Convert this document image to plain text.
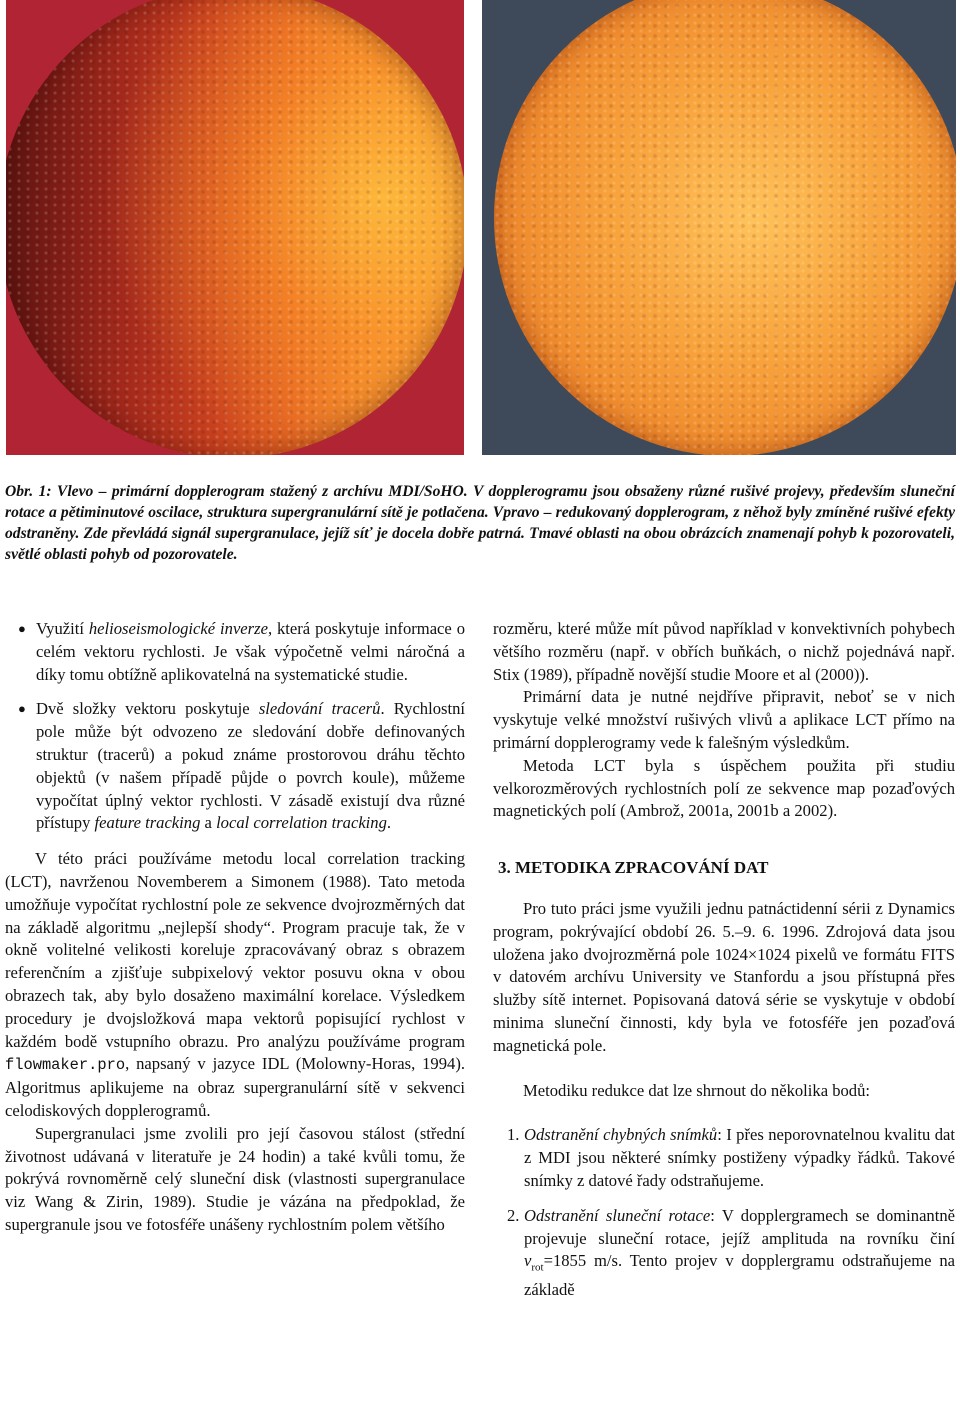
Obr. 1: Vlevo – primární dopplerogram stažený z archívu MDI/SoHO. V dopplerogramu jsou obsaženy různé rušivé projevy, především sluneční rotace a pětiminutové oscilace, struktura supergranulární sítě je potlačena. Vpravo – redukovaný dopplerogram, z něhož byly zmíněné rušivé efekty odstraněny. Zde převládá signál supergranulace, jejíž síť je docela dobře patrná. Tmavé oblasti na obou obrázcích znamenají pohyb k pozorovateli, světlé oblasti pohyb od pozorovatele.

● Využití helioseismologické inverze, která poskytuje informace o celém vektoru rychlosti. Je však výpočetně velmi náročná a díky tomu obtížně aplikovatelná na systematické studie.

● Dvě složky vektoru poskytuje sledování tracerů. Rychlostní pole může být odvozeno ze sledování dobře definovaných struktur (tracerů) a pokud známe prostorovou dráhu těchto objektů (v našem případě půjde o povrch koule), můžeme vypočítat úplný vektor rychlosti. V zásadě existují dva různé přístupy feature tracking a local correlation tracking.

V této práci používáme metodu local correlation tracking (LCT), navrženou Novemberem a Simonem (1988). Tato metoda umožňuje vypočítat rychlostní pole ze sekvence dvojrozměrných dat na základě algoritmu „nejlepší shody“. Program pracuje tak, že v okně volitelné velikosti koreluje zpracovávaný obraz s obrazem referenčním a zjišťuje subpixelový vektor posuvu okna v obou obrazech tak, aby bylo dosaženo maximální korelace. Výsledkem procedury je dvojsložková mapa vektorů popisující rychlost v každém bodě vstupního obrazu. Pro analýzu používáme program flowmaker.pro, napsaný v jazyce IDL (Molowny-Horas, 1994). Algoritmus aplikujeme na obraz supergranulární sítě v sekvenci celodiskových dopplerogramů.

Supergranulaci jsme zvolili pro její časovou stálost (střední životnost udávaná v literatuře je 24 hodin) a také kvůli tomu, že pokrývá rovnoměrně celý sluneční disk (vlastnosti supergranulace viz Wang & Zirin, 1989). Studie je vázána na předpoklad, že supergranule jsou ve fotosféře unášeny rychlostním polem většího

rozměru, které může mít původ například v konvektivních pohybech většího rozměru (např. v obřích buňkách, o nichž pojednává např. Stix (1989), případně novější studie Moore et al (2000)).

Primární data je nutné nejdříve připravit, neboť se v nich vyskytuje velké množství rušivých vlivů a aplikace LCT přímo na primární dopplerogramy vede k falešným výsledkům.

Metoda LCT byla s úspěchem použita při studiu velkorozměrových rychlostních polí ze sekvence map pozaďových magnetických polí (Ambrož, 2001a, 2001b a 2002).

3. METODIKA ZPRACOVÁNÍ DAT

Pro tuto práci jsme využili jednu patnáctidenní sérii z Dynamics program, pokrývající období 26. 5.–9. 6. 1996. Zdrojová data jsou uložena jako dvojrozměrná pole 1024×1024 pixelů ve formátu FITS v datovém archívu University ve Stanfordu a jsou přístupná přes služby sítě internet. Popisovaná datová série se vyskytuje v období minima sluneční činnosti, kdy byla ve fotosféře jen pozaďová magnetická pole.

Metodiku redukce dat lze shrnout do několika bodů:

1. Odstranění chybných snímků: I přes neporovnatelnou kvalitu dat z MDI jsou některé snímky postiženy výpadky řádků. Takové snímky z datové řady odstraňujeme.

2. Odstranění sluneční rotace: V dopplergramech se dominantně projevuje sluneční rotace, jejíž amplituda na rovníku činí $v_{rot}=1855$ m/s. Tento projev v dopplergramu odstraňujeme na základě
